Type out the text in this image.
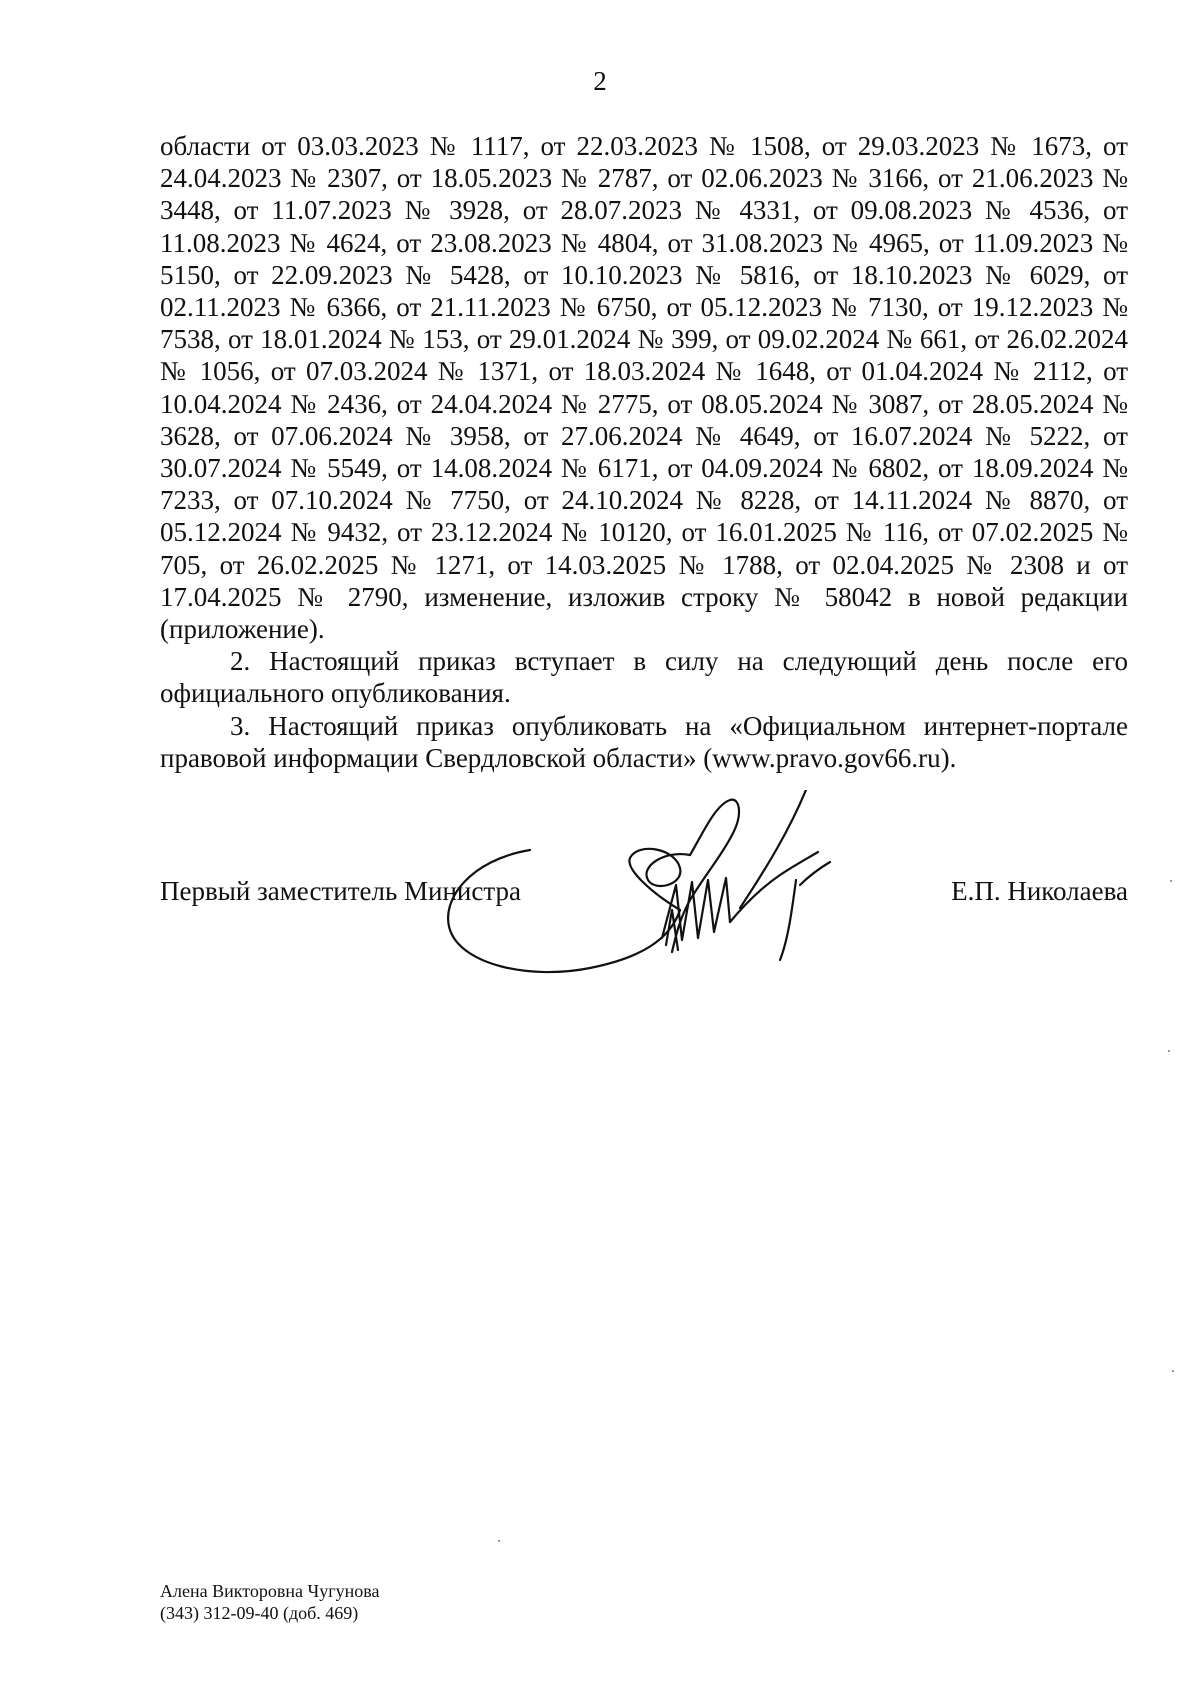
2

области от 03.03.2023 № 1117, от 22.03.2023 № 1508, от 29.03.2023 № 1673, от 24.04.2023 № 2307, от 18.05.2023 № 2787, от 02.06.2023 № 3166, от 21.06.2023 № 3448, от 11.07.2023 № 3928, от 28.07.2023 № 4331, от 09.08.2023 № 4536, от 11.08.2023 № 4624, от 23.08.2023 № 4804, от 31.08.2023 № 4965, от 11.09.2023 № 5150, от 22.09.2023 № 5428, от 10.10.2023 № 5816, от 18.10.2023 № 6029, от 02.11.2023 № 6366, от 21.11.2023 № 6750, от 05.12.2023 № 7130, от 19.12.2023 № 7538, от 18.01.2024 № 153, от 29.01.2024 № 399, от 09.02.2024 № 661, от 26.02.2024 № 1056, от 07.03.2024 № 1371, от 18.03.2024 № 1648, от 01.04.2024 № 2112, от 10.04.2024 № 2436, от 24.04.2024 № 2775, от 08.05.2024 № 3087, от 28.05.2024 № 3628, от 07.06.2024 № 3958, от 27.06.2024 № 4649, от 16.07.2024 № 5222, от 30.07.2024 № 5549, от 14.08.2024 № 6171, от 04.09.2024 № 6802, от 18.09.2024 № 7233, от 07.10.2024 № 7750, от 24.10.2024 № 8228, от 14.11.2024 № 8870, от 05.12.2024 № 9432, от 23.12.2024 № 10120, от 16.01.2025 № 116, от 07.02.2025 № 705, от 26.02.2025 № 1271, от 14.03.2025 № 1788, от 02.04.2025 № 2308 и от 17.04.2025 № 2790, изменение, изложив строку № 58042 в новой редакции (приложение).

2. Настоящий приказ вступает в силу на следующий день после его официального опубликования.

3. Настоящий приказ опубликовать на «Официальном интернет-портале правовой информации Свердловской области» (www.pravo.gov66.ru).

Первый заместитель Министра	Е.П. Николаева
Алена Викторовна Чугунова
(343) 312-09-40 (доб. 469)
